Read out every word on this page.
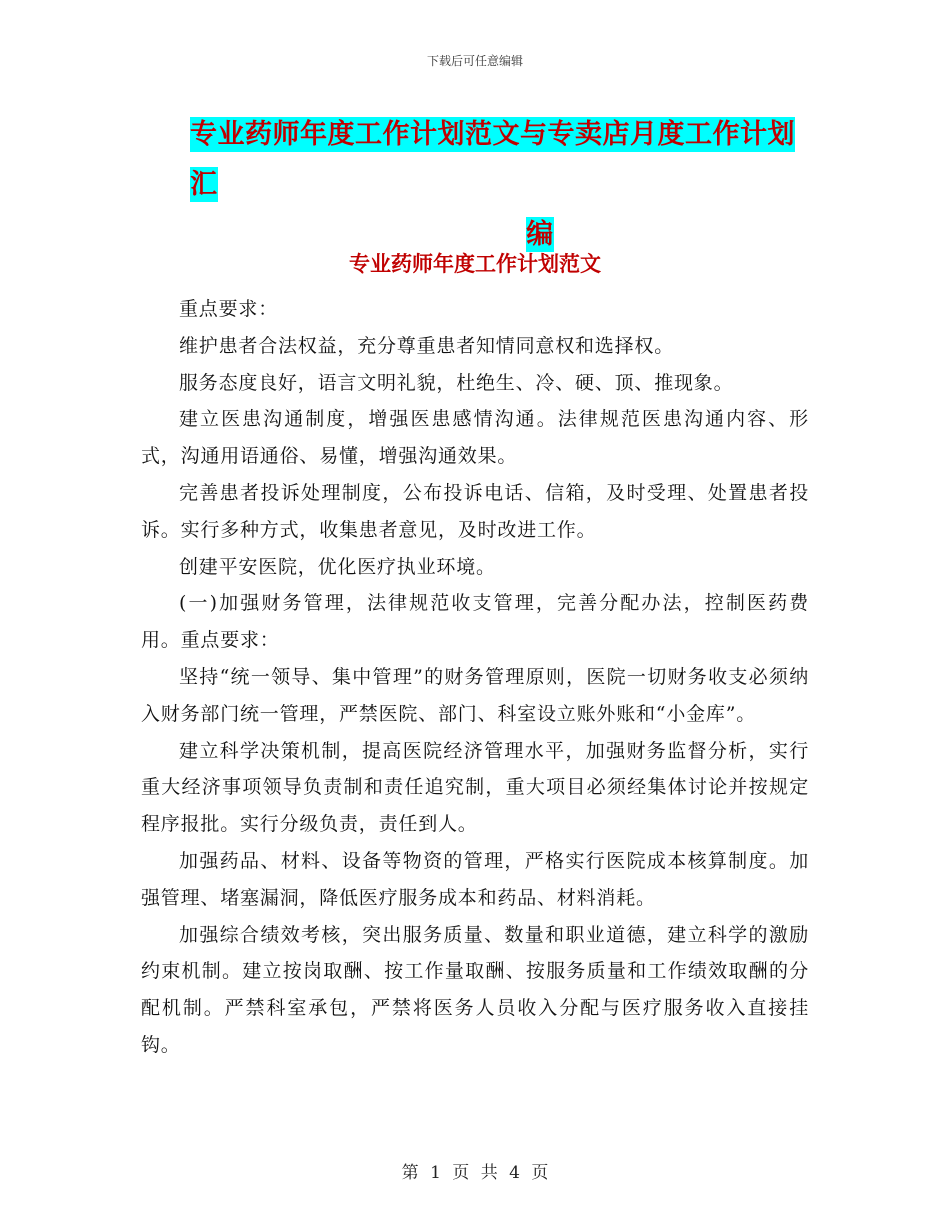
下载后可任意编辑
专业药师年度工作计划范文与专卖店月度工作计划汇
编
专业药师年度工作计划范文

重点要求：

维护患者合法权益，充分尊重患者知情同意权和选择权。

服务态度良好，语言文明礼貌，杜绝生、冷、硬、顶、推现象。

建立医患沟通制度，增强医患感情沟通。法律规范医患沟通内容、形式，沟通用语通俗、易懂，增强沟通效果。

完善患者投诉处理制度，公布投诉电话、信箱，及时受理、处置患者投诉。实行多种方式，收集患者意见，及时改进工作。

创建平安医院，优化医疗执业环境。

(一)加强财务管理，法律规范收支管理，完善分配办法，控制医药费用。重点要求：

坚持“统一领导、集中管理”的财务管理原则，医院一切财务收支必须纳入财务部门统一管理，严禁医院、部门、科室设立账外账和“小金库”。

建立科学决策机制，提高医院经济管理水平，加强财务监督分析，实行重大经济事项领导负责制和责任追究制，重大项目必须经集体讨论并按规定程序报批。实行分级负责，责任到人。

加强药品、材料、设备等物资的管理，严格实行医院成本核算制度。加强管理、堵塞漏洞，降低医疗服务成本和药品、材料消耗。

加强综合绩效考核，突出服务质量、数量和职业道德，建立科学的激励约束机制。建立按岗取酬、按工作量取酬、按服务质量和工作绩效取酬的分配机制。严禁科室承包，严禁将医务人员收入分配与医疗服务收入直接挂钩。

第 1 页 共 4 页
